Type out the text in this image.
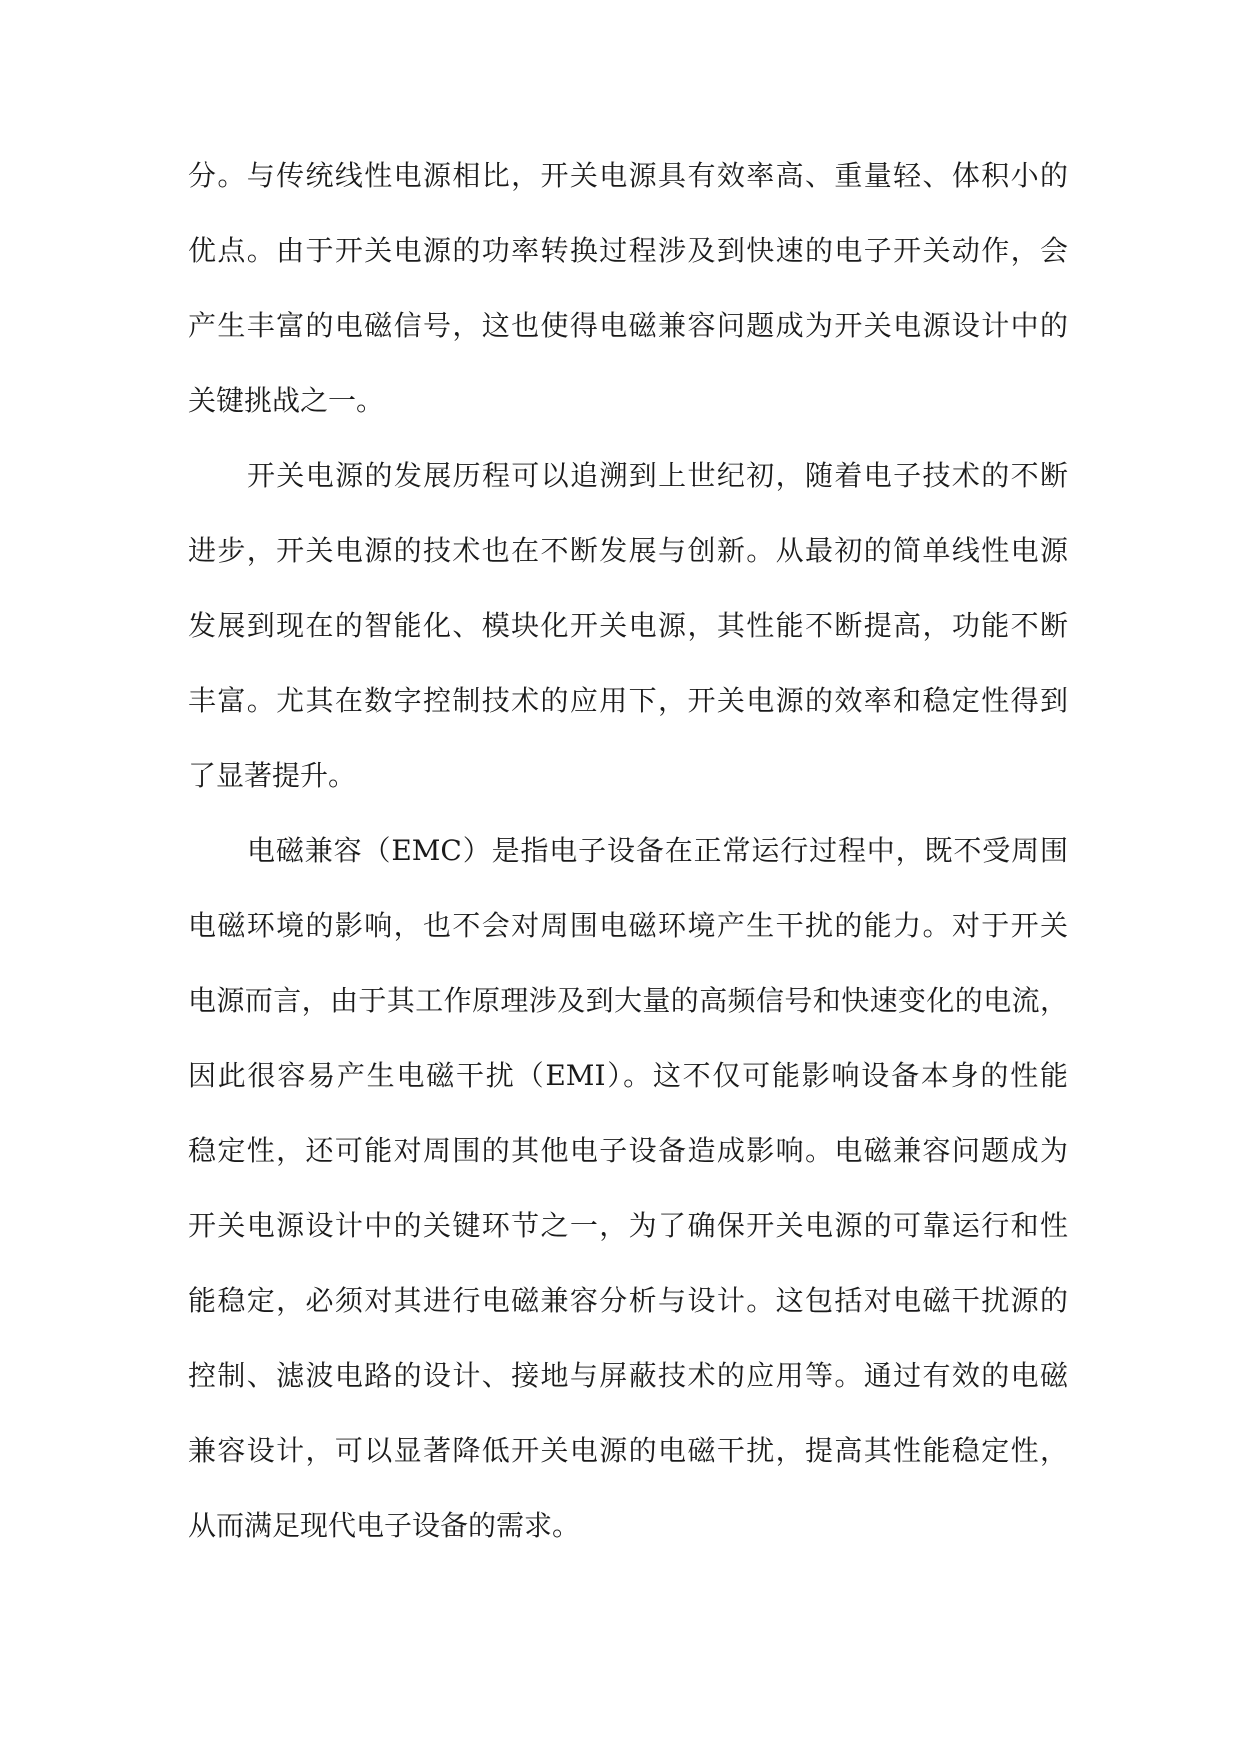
分。与传统线性电源相比，开关电源具有效率高、重量轻、体积小的
优点。由于开关电源的功率转换过程涉及到快速的电子开关动作，会
产生丰富的电磁信号，这也使得电磁兼容问题成为开关电源设计中的
关键挑战之一。
开关电源的发展历程可以追溯到上世纪初，随着电子技术的不断
进步，开关电源的技术也在不断发展与创新。从最初的简单线性电源
发展到现在的智能化、模块化开关电源，其性能不断提高，功能不断
丰富。尤其在数字控制技术的应用下，开关电源的效率和稳定性得到
了显著提升。
电磁兼容（EMC）是指电子设备在正常运行过程中，既不受周围
电磁环境的影响，也不会对周围电磁环境产生干扰的能力。对于开关
电源而言，由于其工作原理涉及到大量的高频信号和快速变化的电流，
因此很容易产生电磁干扰（EMI）。这不仅可能影响设备本身的性能
稳定性，还可能对周围的其他电子设备造成影响。电磁兼容问题成为
开关电源设计中的关键环节之一，为了确保开关电源的可靠运行和性
能稳定，必须对其进行电磁兼容分析与设计。这包括对电磁干扰源的
控制、滤波电路的设计、接地与屏蔽技术的应用等。通过有效的电磁
兼容设计，可以显著降低开关电源的电磁干扰，提高其性能稳定性，
从而满足现代电子设备的需求。
